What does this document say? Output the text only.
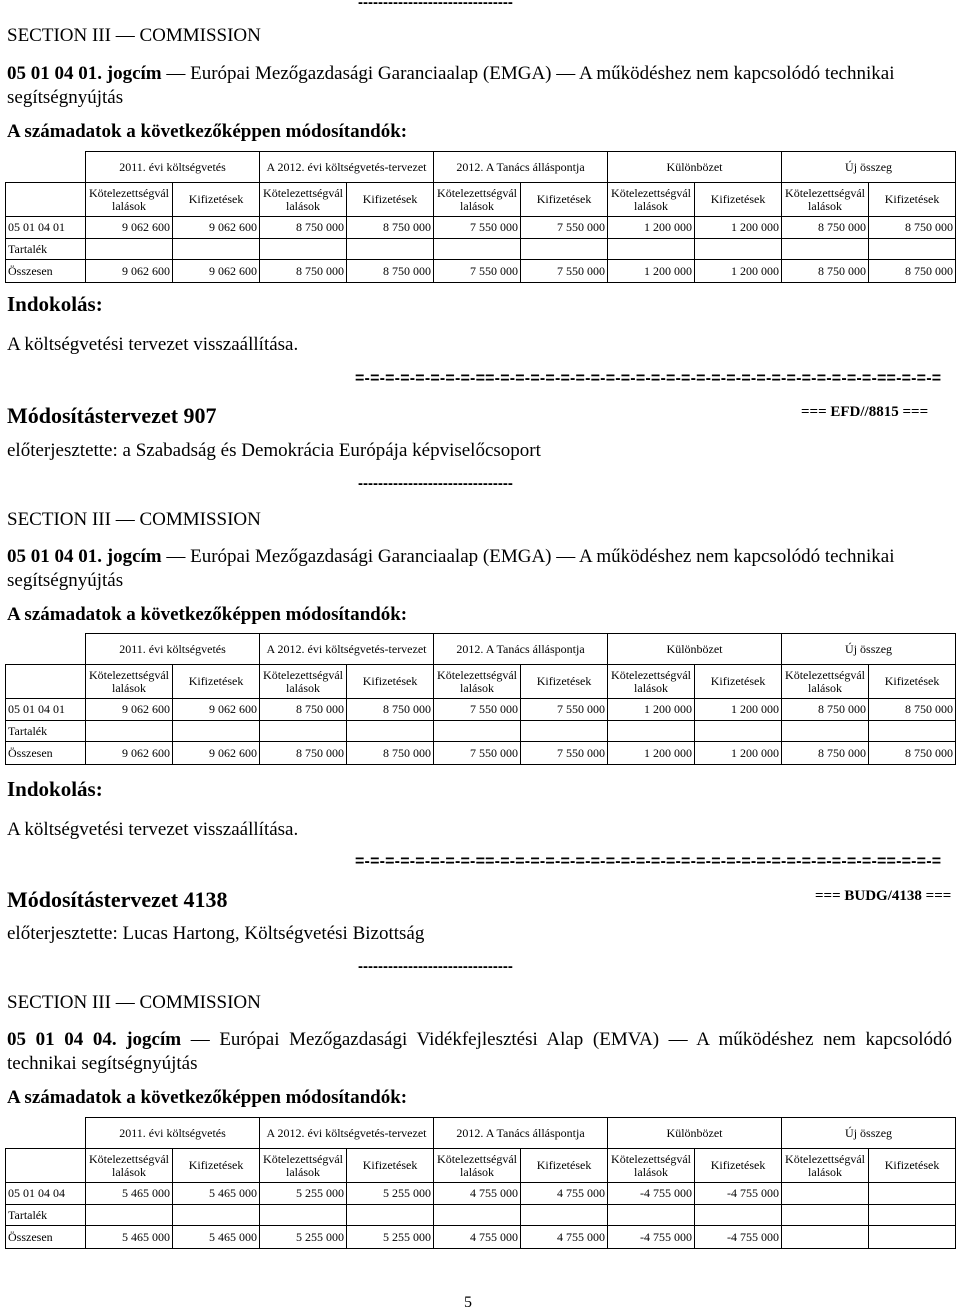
-------------------------------
SECTION III — COMMISSION
05 01 04 01. jogcím — Európai Mezőgazdasági Garanciaalap (EMGA) — A működéshez nem kapcsolódó technikai segítségnyújtás
A számadatok a következőképpen módosítandók:
	2011. évi költségvetés		A 2012. évi költségvetés-tervezet		2012. A Tanács álláspontja		Különbözet		Új összeg	
	Kötelezettségvállalások	Kifizetések	Kötelezettségvállalások	Kifizetések	Kötelezettségvállalások	Kifizetések	Kötelezettségvállalások	Kifizetések	Kötelezettségvállalások	Kifizetések
05 01 04 01	9 062 600	9 062 600	8 750 000	8 750 000	7 550 000	7 550 000	1 200 000	1 200 000	8 750 000	8 750 000
Tartalék										
Összesen	9 062 600	9 062 600	8 750 000	8 750 000	7 550 000	7 550 000	1 200 000	1 200 000	8 750 000	8 750 000
Indokolás:
A költségvetési tervezet visszaállítása.
=-=-=-=-=-=-=-=-==-=-=-=-=-=-=-=-=-=-=-=-=-=-=-=-=-=-=-=-=-=-=-=-=-=-==-=-=-=
Módosítástervezet 907	=== EFD//8815 ===
előterjesztette: a Szabadság és Demokrácia Európája képviselőcsoport
-------------------------------
SECTION III — COMMISSION
05 01 04 01. jogcím — Európai Mezőgazdasági Garanciaalap (EMGA) — A működéshez nem kapcsolódó technikai segítségnyújtás
A számadatok a következőképpen módosítandók:
	2011. évi költségvetés		A 2012. évi költségvetés-tervezet		2012. A Tanács álláspontja		Különbözet		Új összeg	
	Kötelezettségvállalások	Kifizetések	Kötelezettségvállalások	Kifizetések	Kötelezettségvállalások	Kifizetések	Kötelezettségvállalások	Kifizetések	Kötelezettségvállalások	Kifizetések
05 01 04 01	9 062 600	9 062 600	8 750 000	8 750 000	7 550 000	7 550 000	1 200 000	1 200 000	8 750 000	8 750 000
Tartalék										
Összesen	9 062 600	9 062 600	8 750 000	8 750 000	7 550 000	7 550 000	1 200 000	1 200 000	8 750 000	8 750 000
Indokolás:
A költségvetési tervezet visszaállítása.
=-=-=-=-=-=-=-=-==-=-=-=-=-=-=-=-=-=-=-=-=-=-=-=-=-=-=-=-=-=-=-=-=-=-==-=-=-=
Módosítástervezet 4138	=== BUDG/4138 ===
előterjesztette: Lucas Hartong, Költségvetési Bizottság
-------------------------------
SECTION III — COMMISSION
05 01 04 04. jogcím — Európai Mezőgazdasági Vidékfejlesztési Alap (EMVA) — A működéshez nem kapcsolódó technikai segítségnyújtás
A számadatok a következőképpen módosítandók:
	2011. évi költségvetés		A 2012. évi költségvetés-tervezet		2012. A Tanács álláspontja		Különbözet		Új összeg	
	Kötelezettségvállalások	Kifizetések	Kötelezettségvállalások	Kifizetések	Kötelezettségvállalások	Kifizetések	Kötelezettségvállalások	Kifizetések	Kötelezettségvállalások	Kifizetések
05 01 04 04	5 465 000	5 465 000	5 255 000	5 255 000	4 755 000	4 755 000	-4 755 000	-4 755 000		
Tartalék										
Összesen	5 465 000	5 465 000	5 255 000	5 255 000	4 755 000	4 755 000	-4 755 000	-4 755 000		
5
